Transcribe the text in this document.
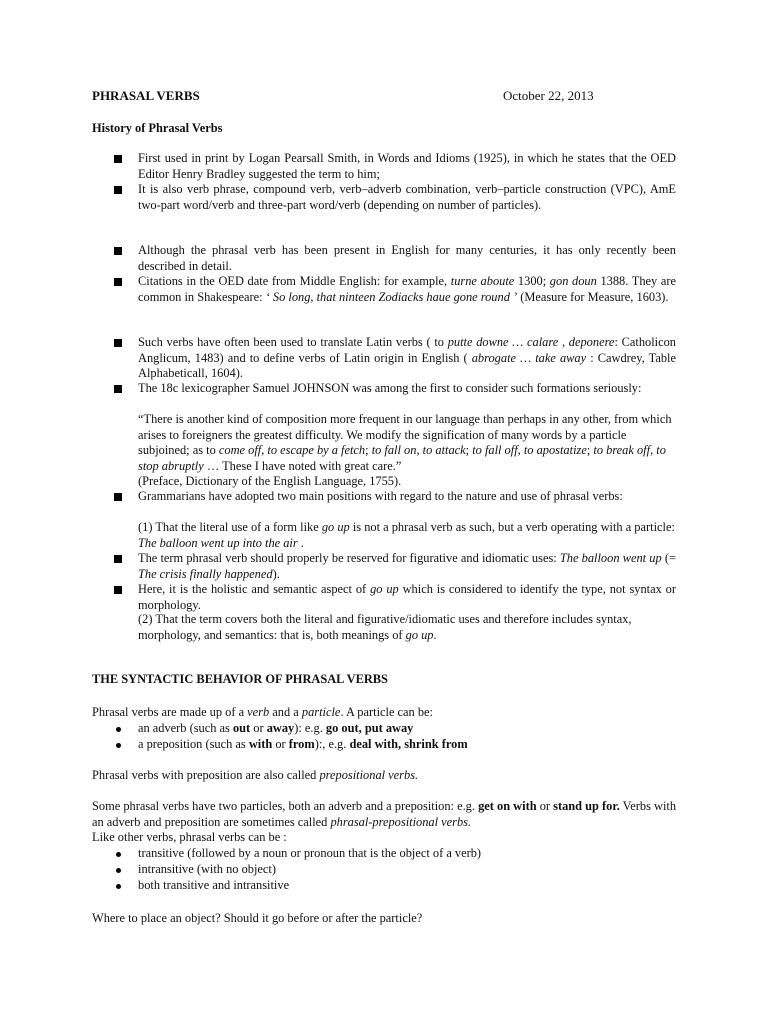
PHRASAL VERBS	October 22, 2013
History of Phrasal Verbs
First used in print by Logan Pearsall Smith, in Words and Idioms (1925), in which he states that the OED Editor Henry Bradley suggested the term to him;
It is also verb phrase, compound verb, verb–adverb combination, verb–particle construction (VPC), AmE two-part word/verb and three-part word/verb (depending on number of particles).
Although the phrasal verb has been present in English for many centuries, it has only recently been described in detail.
Citations in the OED date from Middle English: for example, turne aboute 1300; gon doun 1388. They are common in Shakespeare: ‘ So long, that ninteen Zodiacks haue gone round ’ (Measure for Measure, 1603).
Such verbs have often been used to translate Latin verbs ( to putte downe … calare , deponere: Catholicon Anglicum, 1483) and to define verbs of Latin origin in English ( abrogate … take away : Cawdrey, Table Alphabeticall, 1604).
The 18c lexicographer Samuel JOHNSON was among the first to consider such formations seriously:
“There is another kind of composition more frequent in our language than perhaps in any other, from which arises to foreigners the greatest difficulty. We modify the signification of many words by a particle subjoined; as to come off, to escape by a fetch; to fall on, to attack; to fall off, to apostatize; to break off, to stop abruptly … These I have noted with great care.”
(Preface, Dictionary of the English Language, 1755).
Grammarians have adopted two main positions with regard to the nature and use of phrasal verbs:
(1) That the literal use of a form like go up is not a phrasal verb as such, but a verb operating with a particle: The balloon went up into the air .
The term phrasal verb should properly be reserved for figurative and idiomatic uses: The balloon went up (= The crisis finally happened).
Here, it is the holistic and semantic aspect of go up which is considered to identify the type, not syntax or morphology.
(2) That the term covers both the literal and figurative/idiomatic uses and therefore includes syntax, morphology, and semantics: that is, both meanings of go up.
THE SYNTACTIC BEHAVIOR OF PHRASAL VERBS
Phrasal verbs are made up of a verb and a particle. A particle can be:
an adverb (such as out or away): e.g. go out, put away
a preposition (such as with or from):, e.g. deal with, shrink from
Phrasal verbs with preposition are also called prepositional verbs.
Some phrasal verbs have two particles, both an adverb and a preposition: e.g. get on with or stand up for. Verbs with an adverb and preposition are sometimes called phrasal-prepositional verbs.
Like other verbs, phrasal verbs can be :
transitive (followed by a noun or pronoun that is the object of a verb)
intransitive (with no object)
both transitive and intransitive
Where to place an object? Should it go before or after the particle?
